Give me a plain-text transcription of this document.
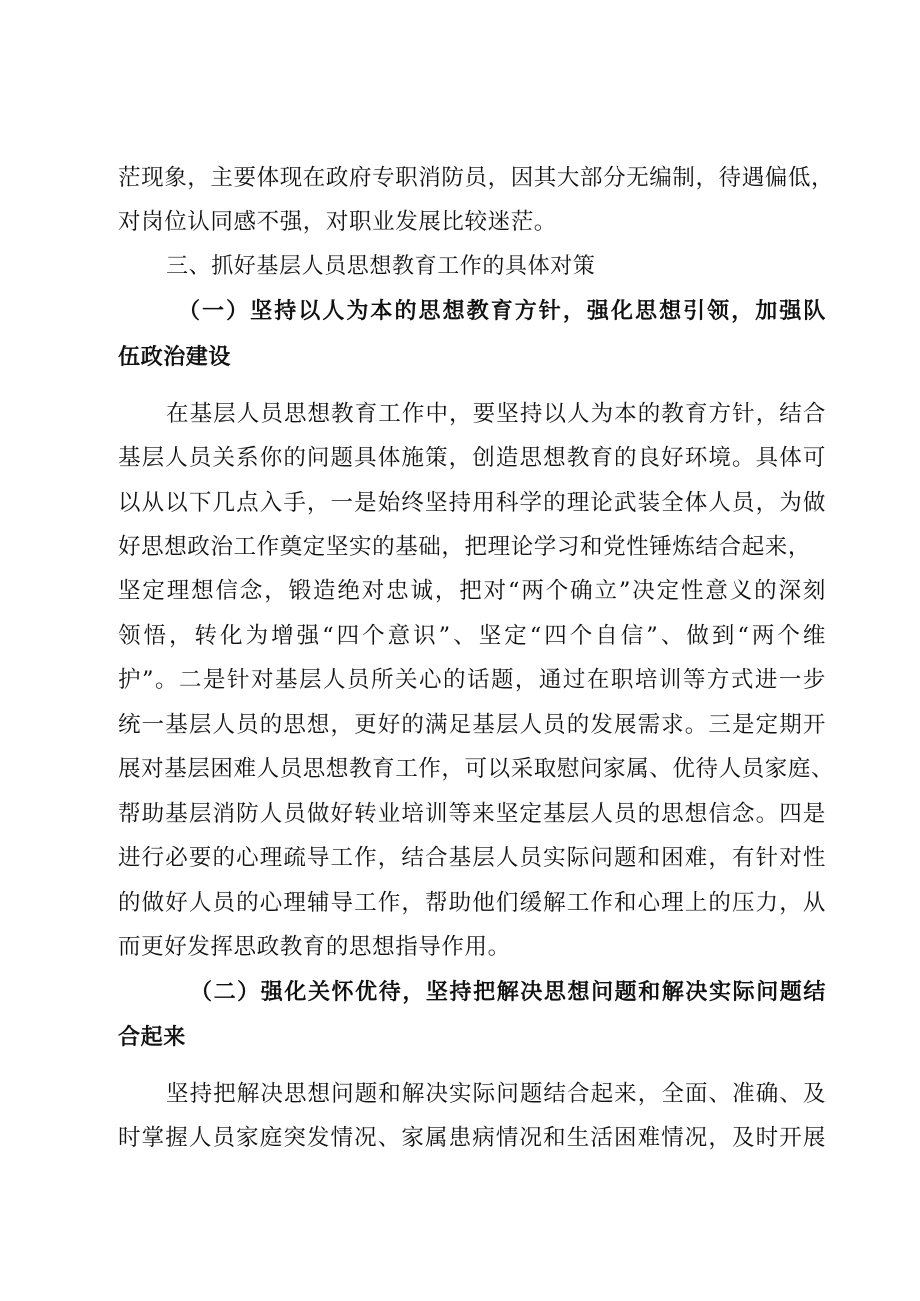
茫现象，主要体现在政府专职消防员，因其大部分无编制，待遇偏低，
对岗位认同感不强，对职业发展比较迷茫。
三、抓好基层人员思想教育工作的具体对策
（一）坚持以人为本的思想教育方针，强化思想引领，加强队
伍政治建设
在基层人员思想教育工作中，要坚持以人为本的教育方针，结合
基层人员关系你的问题具体施策，创造思想教育的良好环境。具体可
以从以下几点入手，一是始终坚持用科学的理论武装全体人员，为做
好思想政治工作奠定坚实的基础，把理论学习和党性锤炼结合起来，
坚定理想信念，锻造绝对忠诚，把对“两个确立”决定性意义的深刻
领悟，转化为增强“四个意识”、坚定“四个自信”、做到“两个维
护”。二是针对基层人员所关心的话题，通过在职培训等方式进一步
统一基层人员的思想，更好的满足基层人员的发展需求。三是定期开
展对基层困难人员思想教育工作，可以采取慰问家属、优待人员家庭、
帮助基层消防人员做好转业培训等来坚定基层人员的思想信念。四是
进行必要的心理疏导工作，结合基层人员实际问题和困难，有针对性
的做好人员的心理辅导工作，帮助他们缓解工作和心理上的压力，从
而更好发挥思政教育的思想指导作用。
（二）强化关怀优待，坚持把解决思想问题和解决实际问题结
合起来
坚持把解决思想问题和解决实际问题结合起来，全面、准确、及
时掌握人员家庭突发情况、家属患病情况和生活困难情况，及时开展
